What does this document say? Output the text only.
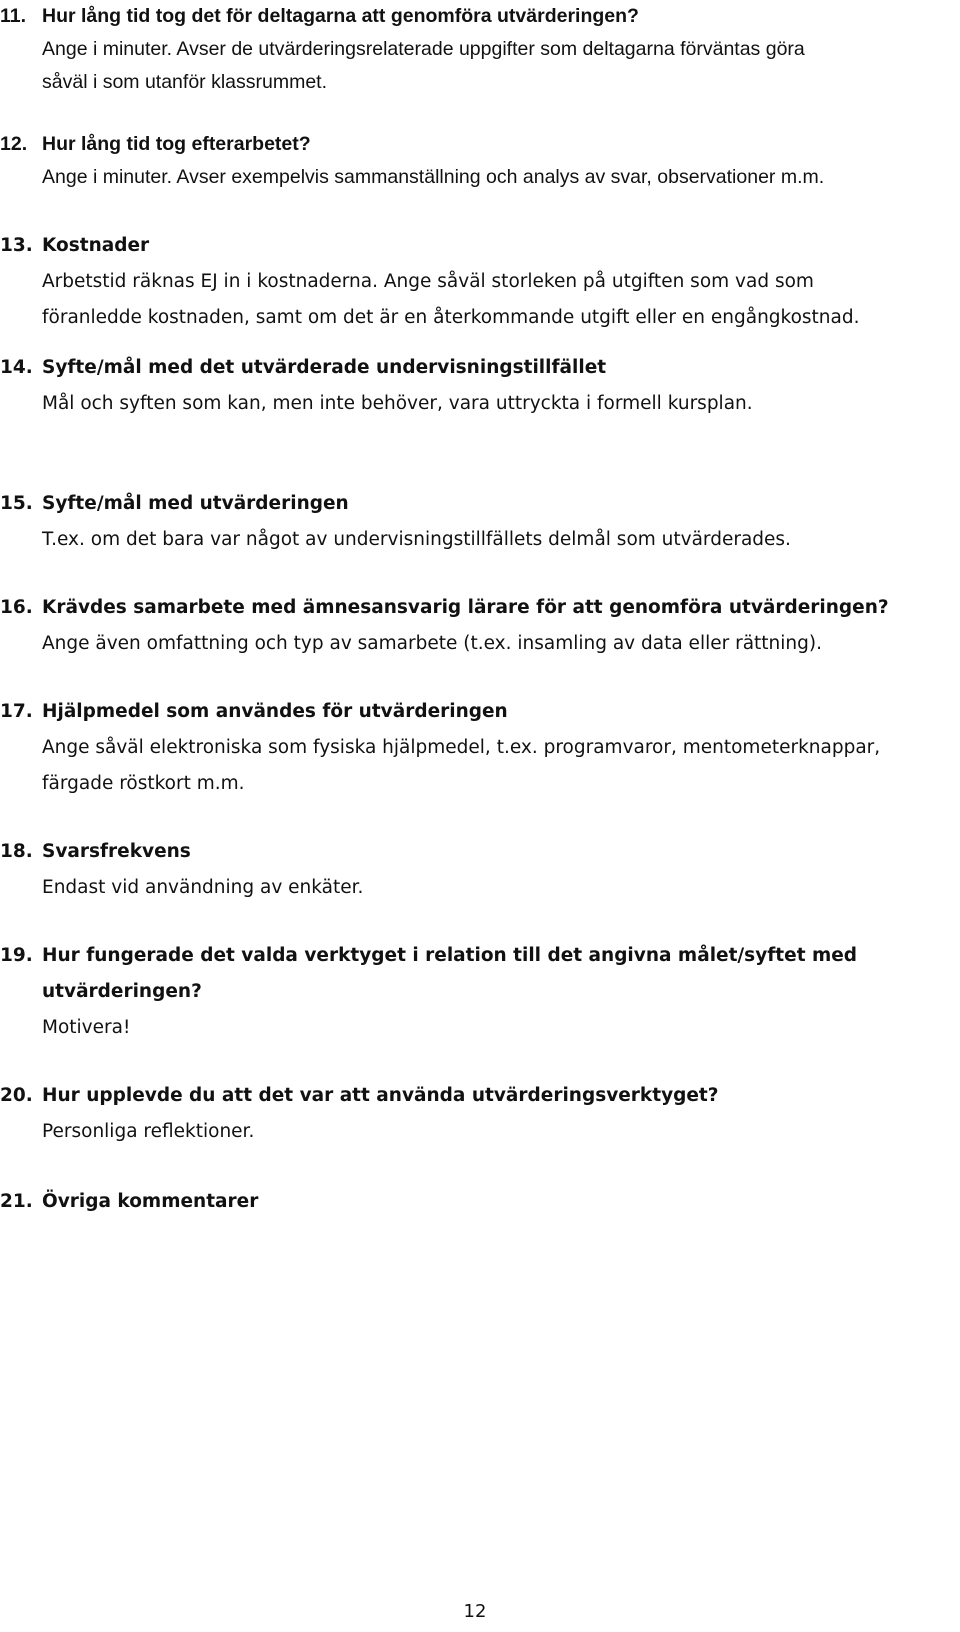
11. Hur lång tid tog det för deltagarna att genomföra utvärderingen?
Ange i minuter. Avser de utvärderingsrelaterade uppgifter som deltagarna förväntas göra
såväl i som utanför klassrummet.
12. Hur lång tid tog efterarbetet?
Ange i minuter. Avser exempelvis sammanställning och analys av svar, observationer m.m.
13. Kostnader
Arbetstid räknas EJ in i kostnaderna. Ange såväl storleken på utgiften som vad som
föranledde kostnaden, samt om det är en återkommande utgift eller en engångkostnad.
14. Syfte/mål med det utvärderade undervisningstillfället
Mål och syften som kan, men inte behöver, vara uttryckta i formell kursplan.
15. Syfte/mål med utvärderingen
T.ex. om det bara var något av undervisningstillfällets delmål som utvärderades.
16. Krävdes samarbete med ämnesansvarig lärare för att genomföra utvärderingen?
Ange även omfattning och typ av samarbete (t.ex. insamling av data eller rättning).
17. Hjälpmedel som användes för utvärderingen
Ange såväl elektroniska som fysiska hjälpmedel, t.ex. programvaror, mentometerknappar,
färgade röstkort m.m.
18. Svarsfrekvens
Endast vid användning av enkäter.
19. Hur fungerade det valda verktyget i relation till det angivna målet/syftet med
utvärderingen?
Motivera!
20. Hur upplevde du att det var att använda utvärderingsverktyget?
Personliga reflektioner.
21. Övriga kommentarer
12
